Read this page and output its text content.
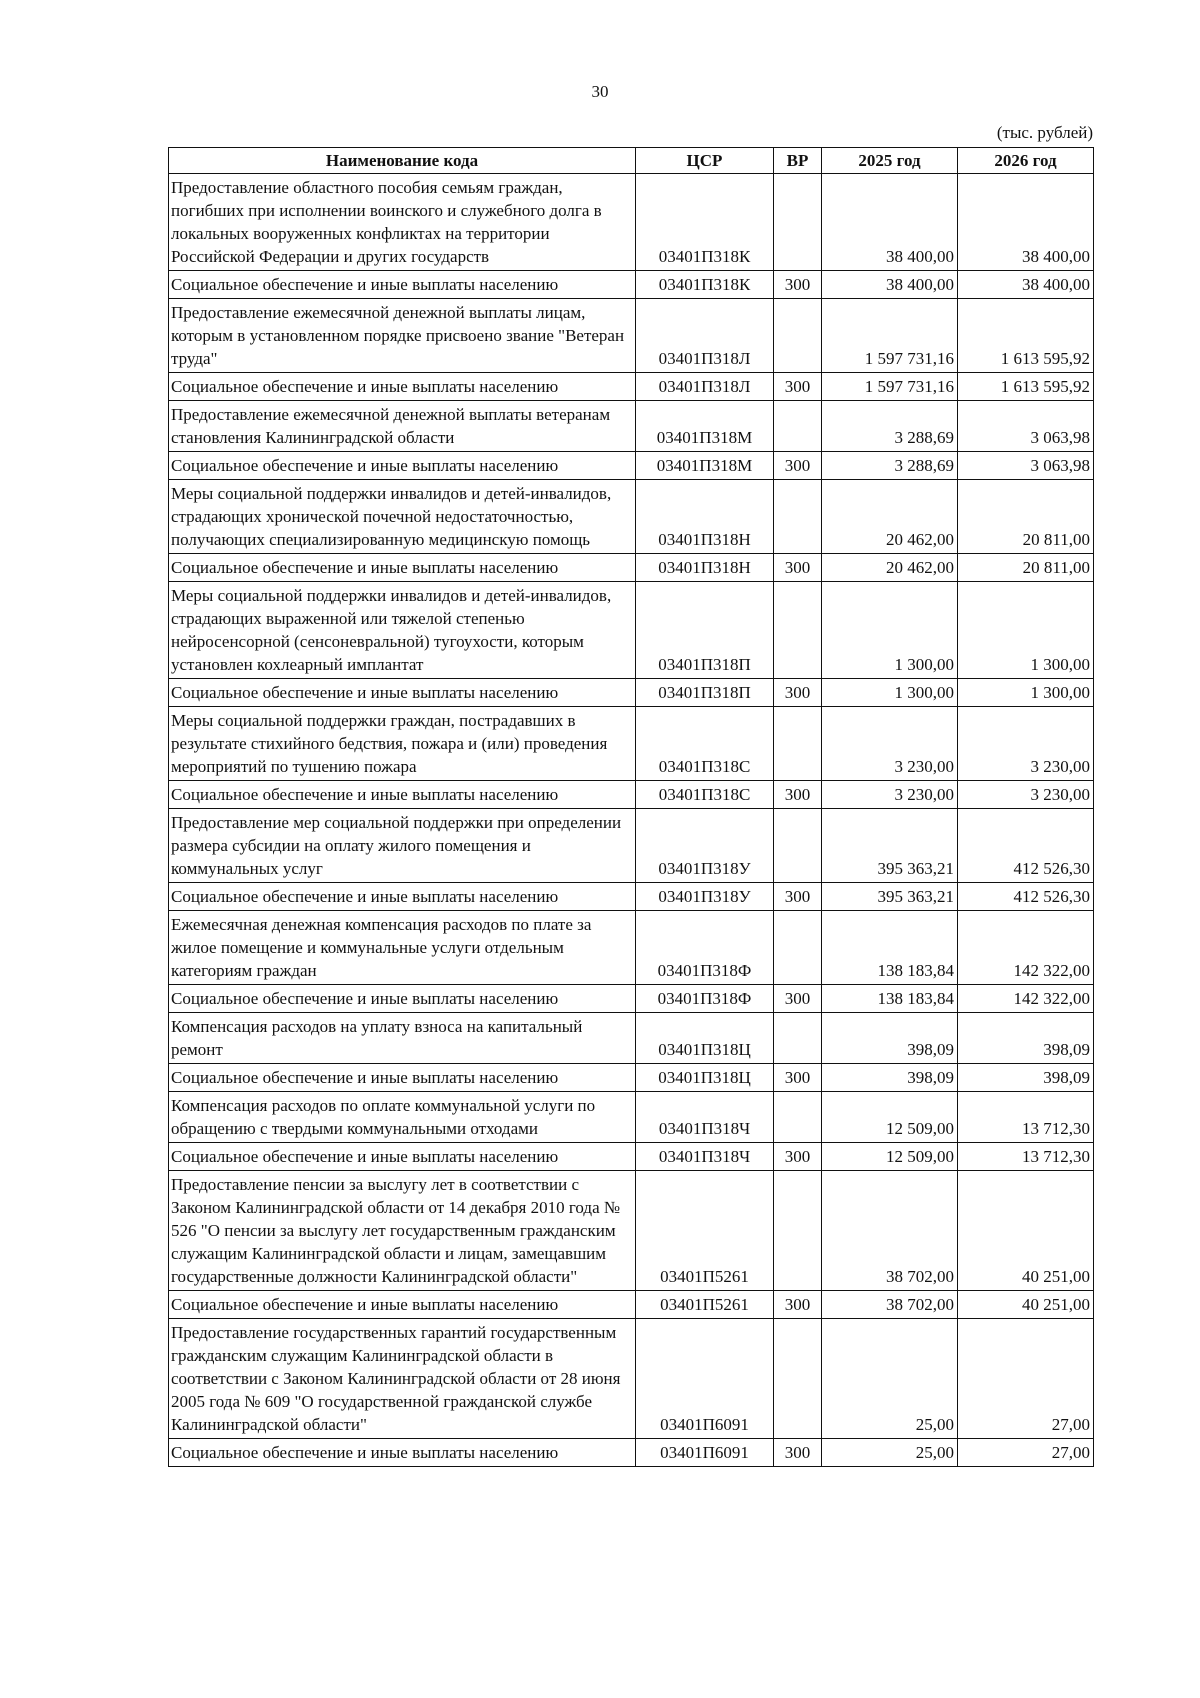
30
(тыс. рублей)
Наименование кода	ЦСР	ВР	2025 год	2026 год
Предоставление областного пособия семьям граждан, погибших при исполнении воинского и служебного долга в локальных вооруженных конфликтах на территории Российской Федерации и других государств	03401П318К		38 400,00	38 400,00
Социальное обеспечение и иные выплаты населению	03401П318К	300	38 400,00	38 400,00
Предоставление ежемесячной денежной выплаты лицам, которым в установленном порядке присвоено звание "Ветеран труда"	03401П318Л		1 597 731,16	1 613 595,92
Социальное обеспечение и иные выплаты населению	03401П318Л	300	1 597 731,16	1 613 595,92
Предоставление ежемесячной денежной выплаты ветеранам становления Калининградской области	03401П318М		3 288,69	3 063,98
Социальное обеспечение и иные выплаты населению	03401П318М	300	3 288,69	3 063,98
Меры социальной поддержки инвалидов и детей-инвалидов, страдающих хронической почечной недостаточностью, получающих специализированную медицинскую помощь	03401П318Н		20 462,00	20 811,00
Социальное обеспечение и иные выплаты населению	03401П318Н	300	20 462,00	20 811,00
Меры социальной поддержки инвалидов и детей-инвалидов, страдающих выраженной или тяжелой степенью нейросенсорной (сенсоневральной) тугоухости, которым установлен кохлеарный имплантат	03401П318П		1 300,00	1 300,00
Социальное обеспечение и иные выплаты населению	03401П318П	300	1 300,00	1 300,00
Меры социальной поддержки граждан, пострадавших в результате стихийного бедствия, пожара и (или) проведения мероприятий по тушению пожара	03401П318С		3 230,00	3 230,00
Социальное обеспечение и иные выплаты населению	03401П318С	300	3 230,00	3 230,00
Предоставление мер социальной поддержки при определении размера субсидии на оплату жилого помещения и коммунальных услуг	03401П318У		395 363,21	412 526,30
Социальное обеспечение и иные выплаты населению	03401П318У	300	395 363,21	412 526,30
Ежемесячная денежная компенсация расходов по плате за жилое помещение и коммунальные услуги отдельным категориям граждан	03401П318Ф		138 183,84	142 322,00
Социальное обеспечение и иные выплаты населению	03401П318Ф	300	138 183,84	142 322,00
Компенсация расходов на уплату взноса на капитальный ремонт	03401П318Ц		398,09	398,09
Социальное обеспечение и иные выплаты населению	03401П318Ц	300	398,09	398,09
Компенсация расходов по оплате коммунальной услуги по обращению с твердыми коммунальными отходами	03401П318Ч		12 509,00	13 712,30
Социальное обеспечение и иные выплаты населению	03401П318Ч	300	12 509,00	13 712,30
Предоставление пенсии за выслугу лет в соответствии с Законом Калининградской области от 14 декабря 2010 года № 526 "О пенсии за выслугу лет государственным гражданским служащим Калининградской области и лицам, замещавшим государственные должности Калининградской области"	03401П5261		38 702,00	40 251,00
Социальное обеспечение и иные выплаты населению	03401П5261	300	38 702,00	40 251,00
Предоставление государственных гарантий государственным гражданским служащим Калининградской области в соответствии с Законом Калининградской области от 28 июня 2005 года № 609 "О государственной гражданской службе Калининградской области"	03401П6091		25,00	27,00
Социальное обеспечение и иные выплаты населению	03401П6091	300	25,00	27,00
